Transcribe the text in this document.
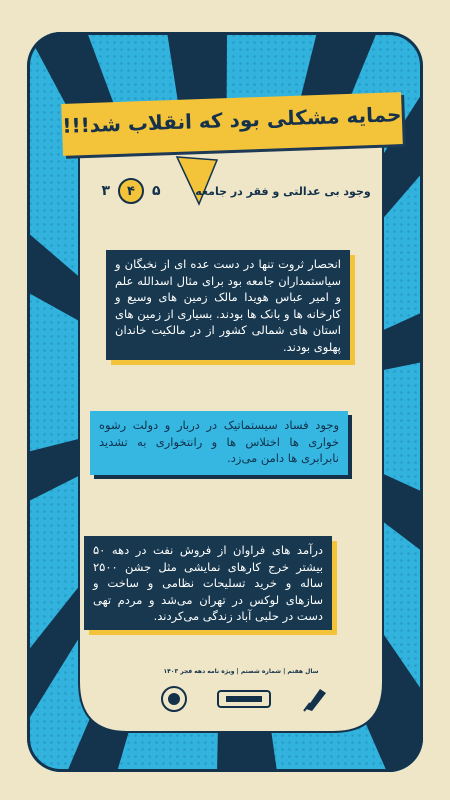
حمایه مشکلی بود که انقلاب شد!!!
۳	۴	۵	وجود بی عدالتی و فقر در جامعه
انحصار ثروت تنها در دست عده ای از نخبگان و سیاستمداران جامعه بود برای مثال اسدالله علم و امیر عباس هویدا مالک زمین های وسیع و کارخانه ها و بانک ها بودند. بسیاری از زمین های استان های شمالی کشور از در مالکیت خاندان پهلوی بودند.
وجود فساد سیستماتیک در دربار و دولت رشوه خواری ها اختلاس ها و رانتخواری به تشدید نابرابری ها دامن می‌زد.
درآمد های فراوان از فروش نفت در دهه ۵۰ بیشتر خرج کارهای نمایشی مثل جشن ۲۵۰۰ ساله و خرید تسلیحات نظامی و ساخت و سازهای لوکس در تهران می‌شد و مردم تهی دست در حلبی آباد زندگی می‌کردند.
سال هفتم | شماره شصتم | ویژه نامه دهه فجر ۱۴۰۳
